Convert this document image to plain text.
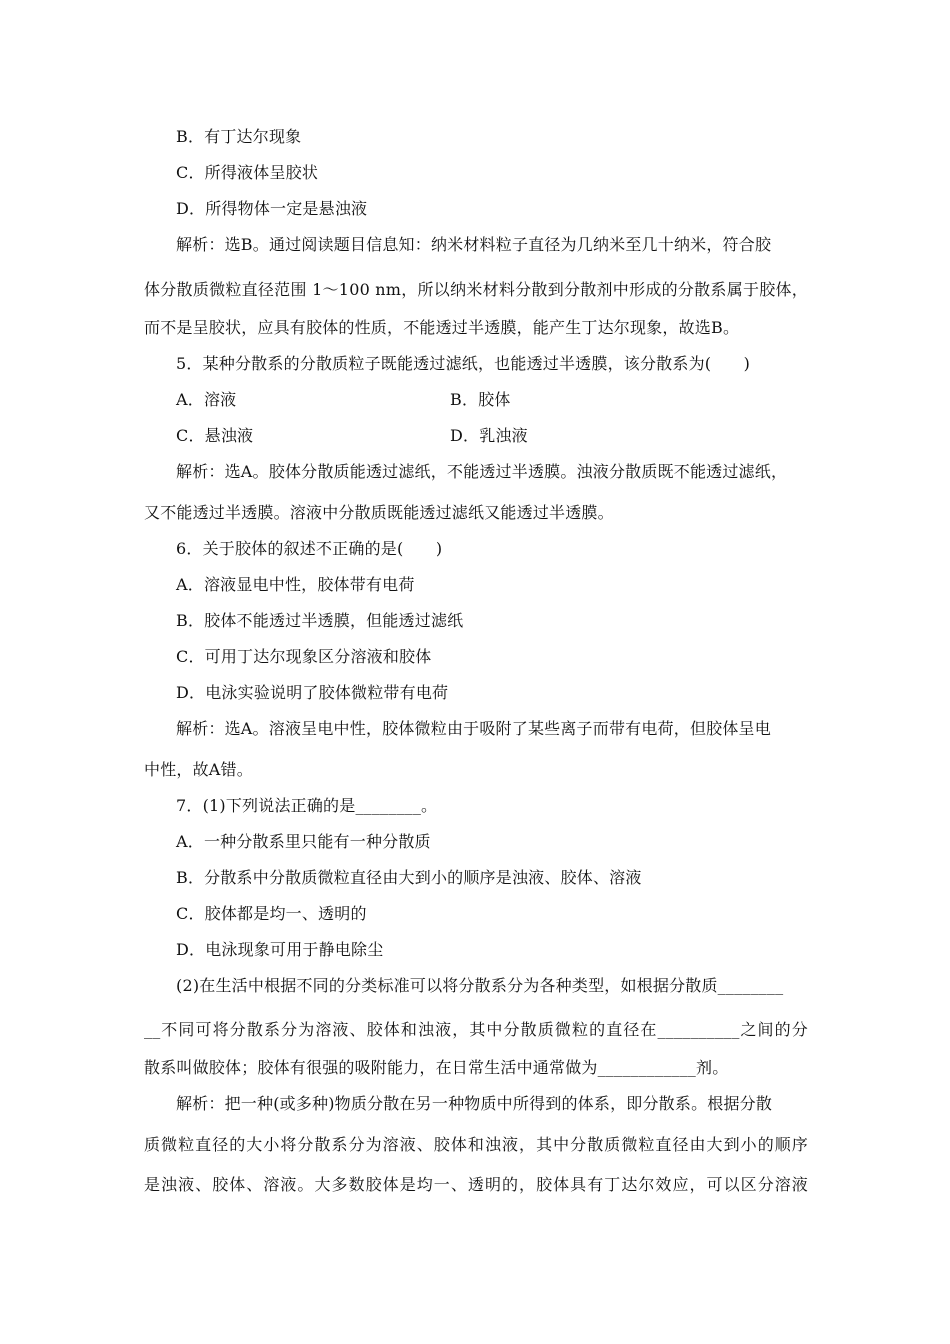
B．有丁达尔现象
C．所得液体呈胶状
D．所得物体一定是悬浊液
解析：选B。通过阅读题目信息知：纳米材料粒子直径为几纳米至几十纳米，符合胶
体分散质微粒直径范围 1～100 nm，所以纳米材料分散到分散剂中形成的分散系属于胶体，
而不是呈胶状，应具有胶体的性质，不能透过半透膜，能产生丁达尔现象，故选B。
5．某种分散系的分散质粒子既能透过滤纸，也能透过半透膜，该分散系为(　　)
A．溶液	B．胶体
C．悬浊液	D．乳浊液
解析：选A。胶体分散质能透过滤纸，不能透过半透膜。浊液分散质既不能透过滤纸，
又不能透过半透膜。溶液中分散质既能透过滤纸又能透过半透膜。
6．关于胶体的叙述不正确的是(　　)
A．溶液显电中性，胶体带有电荷
B．胶体不能透过半透膜，但能透过滤纸
C．可用丁达尔现象区分溶液和胶体
D．电泳实验说明了胶体微粒带有电荷
解析：选A。溶液呈电中性，胶体微粒由于吸附了某些离子而带有电荷，但胶体呈电
中性，故A错。
7．(1)下列说法正确的是________。
A．一种分散系里只能有一种分散质
B．分散系中分散质微粒直径由大到小的顺序是浊液、胶体、溶液
C．胶体都是均一、透明的
D．电泳现象可用于静电除尘
(2)在生活中根据不同的分类标准可以将分散系分为各种类型，如根据分散质________
__不同可将分散系分为溶液、胶体和浊液，其中分散质微粒的直径在__________之间的分
散系叫做胶体；胶体有很强的吸附能力，在日常生活中通常做为____________剂。
解析：把一种(或多种)物质分散在另一种物质中所得到的体系，即分散系。根据分散
质微粒直径的大小将分散系分为溶液、胶体和浊液，其中分散质微粒直径由大到小的顺序
是浊液、胶体、溶液。大多数胶体是均一、透明的，胶体具有丁达尔效应，可以区分溶液
